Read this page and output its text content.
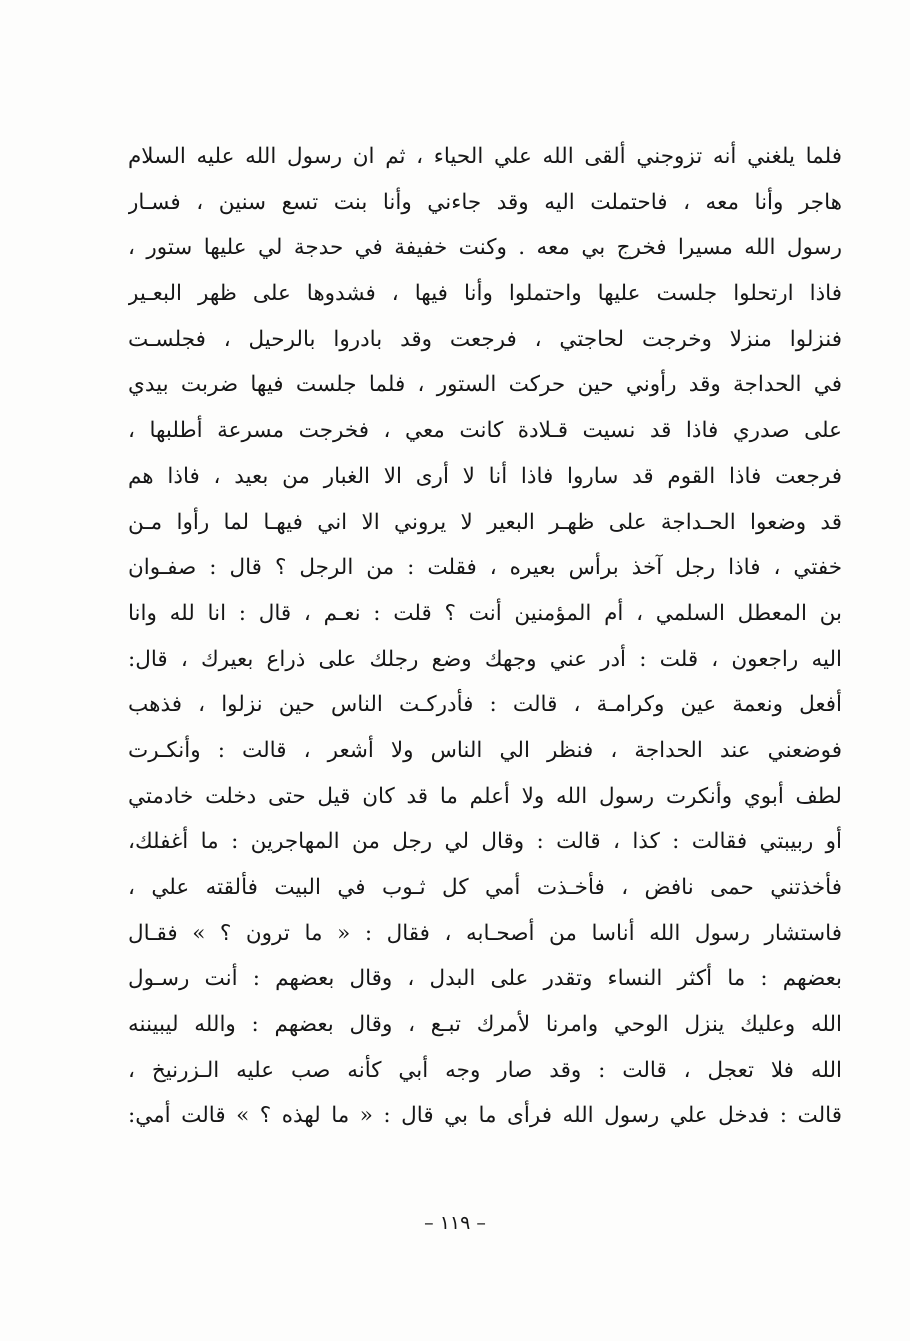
فلما يلغني أنه تزوجني ألقى الله علي الحياء ، ثم ان رسول الله عليه السلام
هاجر وأنا معه ، فاحتملت اليه وقد جاءني وأنا بنت تسع سنين ، فسـار
رسول الله مسيرا فخرج بي معه . وكنت خفيفة في حدجة لي عليها ستور ،
فاذا ارتحلوا جلست عليها واحتملوا وأنا فيها ، فشدوها على ظهر البعـير
فنزلوا منزلا وخرجت لحاجتي ، فرجعت وقد بادروا بالرحيل ، فجلسـت
في الحداجة وقد رأوني حين حركت الستور ، فلما جلست فيها ضربت بيدي
على صدري فاذا قد نسيت قـلادة كانت معي ، فخرجت مسرعة أطلبها ،
فرجعت فاذا القوم قد ساروا فاذا أنا لا أرى الا الغبار من بعيد ، فاذا هم
قد وضعوا الحـداجة على ظهـر البعير لا يروني الا اني فيهـا لما رأوا مـن
خفتي ، فاذا رجل آخذ برأس بعيره ، فقلت : من الرجل ؟ قال : صفـوان
بن المعطل السلمي ، أم المؤمنين أنت ؟ قلت : نعـم ، قال : انا لله وانا
اليه راجعون ، قلت : أدر عني وجهك وضع رجلك على ذراع بعيرك ، قال:
أفعل ونعمة عين وكرامـة ، قالت : فأدركـت الناس حين نزلوا ، فذهب
فوضعني عند الحداجة ، فنظر الي الناس ولا أشعر ، قالت : وأنكـرت
لطف أبوي وأنكرت رسول الله ولا أعلم ما قد كان قيل حتى دخلت خادمتي
أو ربيبتي فقالت : كذا ، قالت : وقال لي رجل من المهاجرين : ما أغفلك،
فأخذتني حمى نافض ، فأخـذت أمي كل ثـوب في البيت فألقته علي ،
فاستشار رسول الله أناسا من أصحـابه ، فقال : « ما ترون ؟ » فقـال
بعضهم : ما أكثر النساء وتقدر على البدل ، وقال بعضهم : أنت رسـول
الله وعليك ينزل الوحي وامرنا لأمرك تبـع ، وقال بعضهم : والله ليبيننه
الله فلا تعجل ، قالت : وقد صار وجه أبي كأنه صب عليه الـزرنيخ ،
قالت : فدخل علي رسول الله فرأى ما بي قال : « ما لهذه ؟ » قالت أمي:
– ١١٩ –
